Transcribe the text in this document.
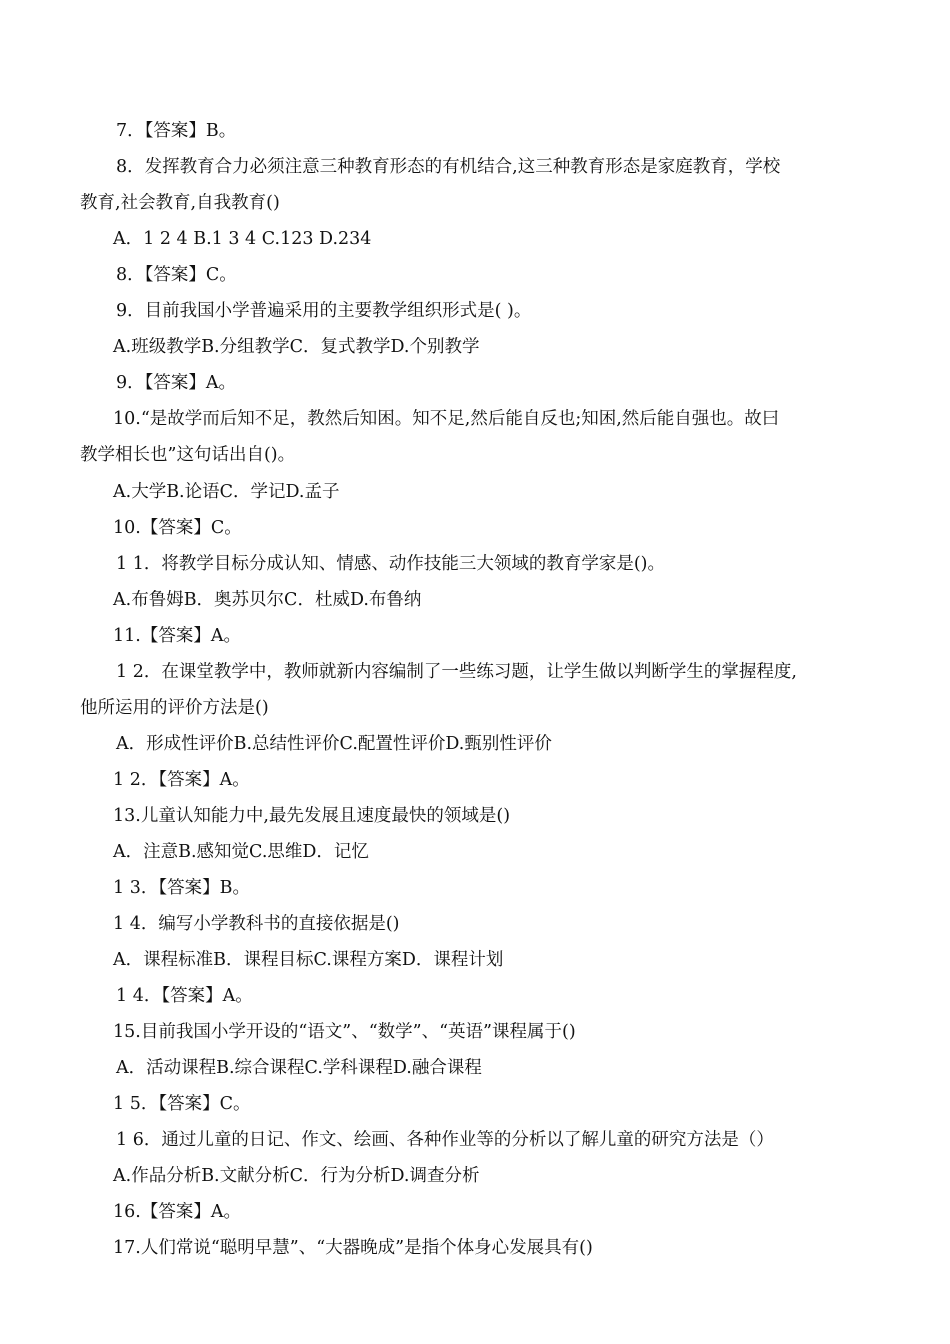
7．【答案】B。
8．发挥教育合力必须注意三种教育形态的有机结合,这三种教育形态是家庭教育，学校
教育,社会教育,自我教育()
A．1 2 4 B.1 3 4 C.123 D.234
8．【答案】C。
9．目前我国小学普遍采用的主要教学组织形式是( )。
A.班级教学B.分组教学C．复式教学D.个别教学
9．【答案】A。
10.“是故学而后知不足，教然后知困。知不足,然后能自反也;知困,然后能自强也。故曰
教学相长也”这句话出自()。
A.大学B.论语C．学记D.孟子
10.【答案】C。
1 1．将教学目标分成认知、情感、动作技能三大领域的教育学家是()。
A.布鲁姆B．奥苏贝尔C．杜威D.布鲁纳
11.【答案】A。
1 2．在课堂教学中，教师就新内容编制了一些练习题，让学生做以判断学生的掌握程度,
他所运用的评价方法是()
A．形成性评价B.总结性评价C.配置性评价D.甄别性评价
1 2．【答案】A。
13.儿童认知能力中,最先发展且速度最快的领域是()
A．注意B.感知觉C.思维D．记忆
1 3．【答案】B。
1 4．编写小学教科书的直接依据是()
A．课程标准B．课程目标C.课程方案D．课程计划
1 4．【答案】A。
15.目前我国小学开设的“语文”、“数学”、“英语”课程属于()
A．活动课程B.综合课程C.学科课程D.融合课程
1 5．【答案】C。
1 6．通过儿童的日记、作文、绘画、各种作业等的分析以了解儿童的研究方法是（）
A.作品分析B.文献分析C．行为分析D.调查分析
16.【答案】A。
17.人们常说“聪明早慧”、“大器晚成”是指个体身心发展具有()
